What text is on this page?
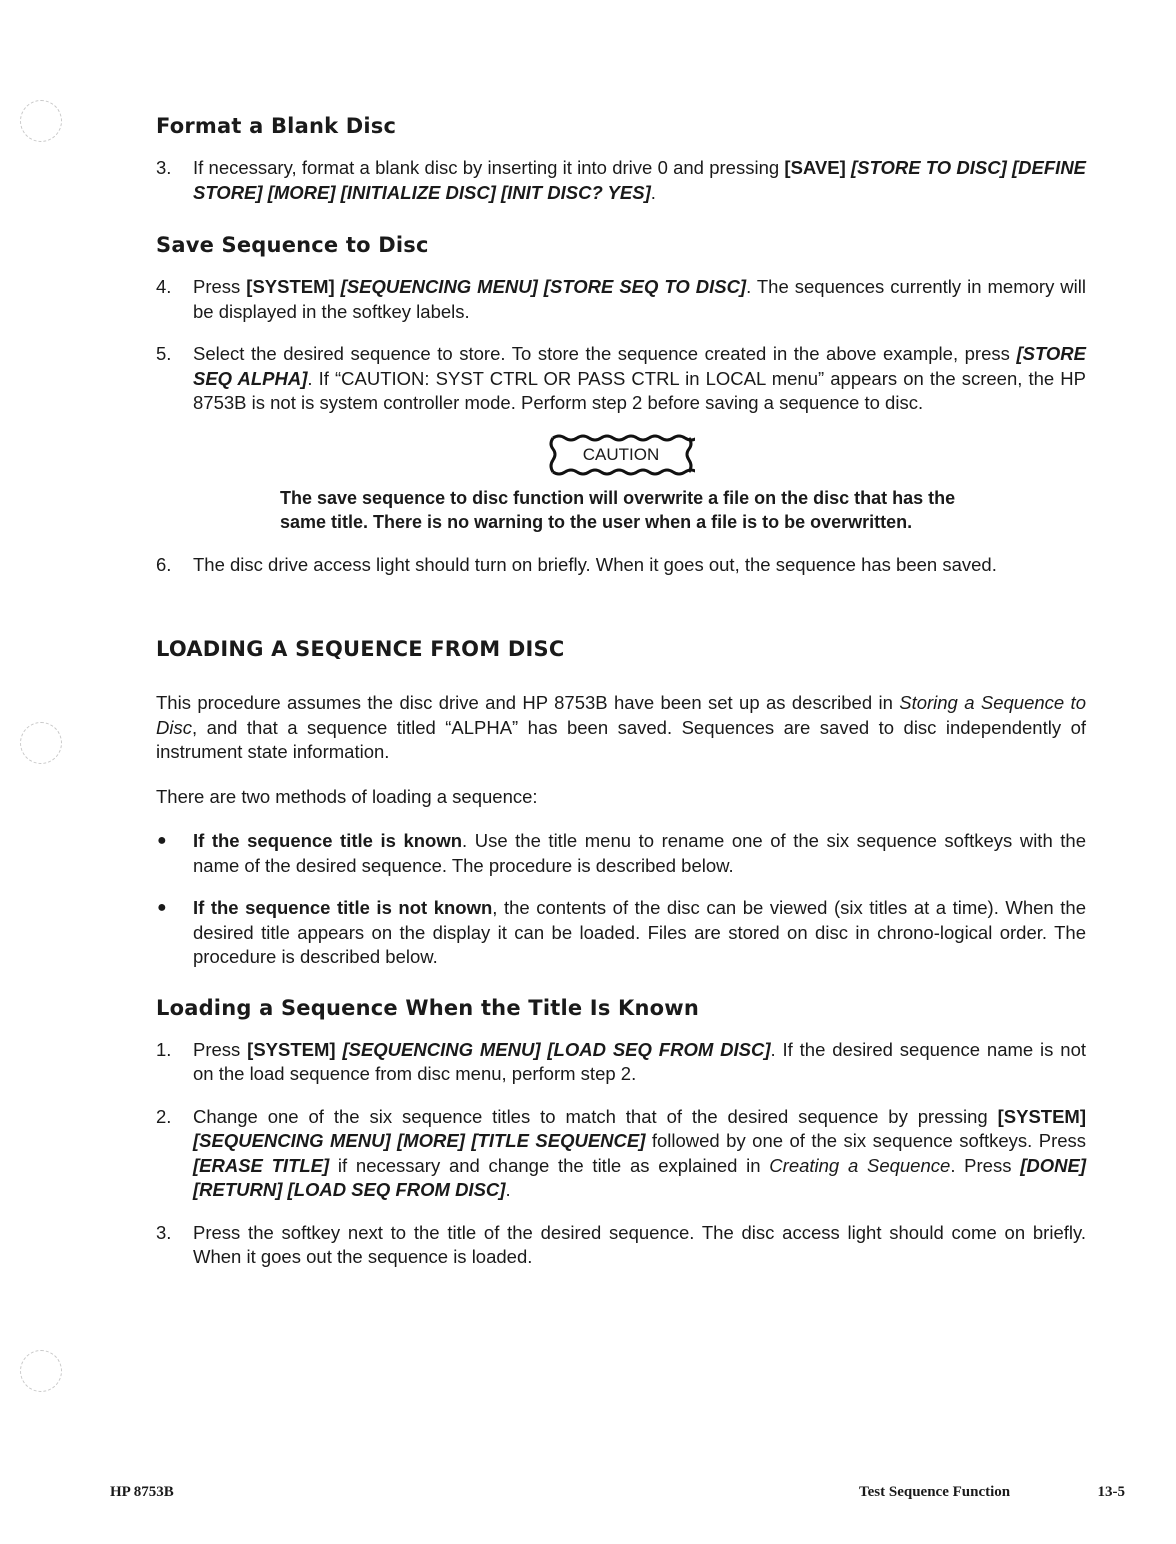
Format a Blank Disc
3. If necessary, format a blank disc by inserting it into drive 0 and pressing [SAVE] [STORE TO DISC] [DEFINE STORE] [MORE] [INITIALIZE DISC] [INIT DISC? YES].
Save Sequence to Disc
4. Press [SYSTEM] [SEQUENCING MENU] [STORE SEQ TO DISC]. The sequences currently in memory will be displayed in the softkey labels.
5. Select the desired sequence to store. To store the sequence created in the above example, press [STORE SEQ ALPHA]. If “CAUTION: SYST CTRL OR PASS CTRL in LOCAL menu” appears on the screen, the HP 8753B is not is system controller mode. Perform step 2 before saving a sequence to disc.
CAUTION
The save sequence to disc function will overwrite a file on the disc that has the same title. There is no warning to the user when a file is to be overwritten.
6. The disc drive access light should turn on briefly. When it goes out, the sequence has been saved.
LOADING A SEQUENCE FROM DISC

This procedure assumes the disc drive and HP 8753B have been set up as described in Storing a Sequence to Disc, and that a sequence titled “ALPHA” has been saved. Sequences are saved to disc independently of instrument state information.

There are two methods of loading a sequence:

● If the sequence title is known. Use the title menu to rename one of the six sequence softkeys with the name of the desired sequence. The procedure is described below.
● If the sequence title is not known, the contents of the disc can be viewed (six titles at a time). When the desired title appears on the display it can be loaded. Files are stored on disc in chrono-logical order. The procedure is described below.
Loading a Sequence When the Title Is Known
1. Press [SYSTEM] [SEQUENCING MENU] [LOAD SEQ FROM DISC]. If the desired sequence name is not on the load sequence from disc menu, perform step 2.
2. Change one of the six sequence titles to match that of the desired sequence by pressing [SYSTEM] [SEQUENCING MENU] [MORE] [TITLE SEQUENCE] followed by one of the six sequence softkeys. Press [ERASE TITLE] if necessary and change the title as explained in Creating a Sequence. Press [DONE] [RETURN] [LOAD SEQ FROM DISC].
3. Press the softkey next to the title of the desired sequence. The disc access light should come on briefly. When it goes out the sequence is loaded.
HP 8753B	Test Sequence Function	13-5
